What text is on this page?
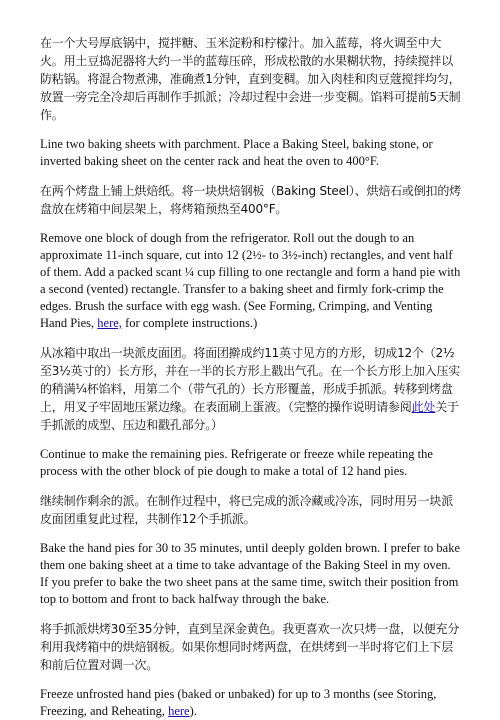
在一个大号厚底锅中，搅拌糖、玉米淀粉和柠檬汁。加入蓝莓，将火调至中大火。用土豆捣泥器将大约一半的蓝莓压碎，形成松散的水果糊状物，持续搅拌以防粘锅。将混合物煮沸，准确煮1分钟，直到变稠。加入肉桂和肉豆蔻搅拌均匀，放置一旁完全冷却后再制作手抓派；冷却过程中会进一步变稠。馅料可提前5天制作。

Line two baking sheets with parchment. Place a Baking Steel, baking stone, or inverted baking sheet on the center rack and heat the oven to 400°F.

在两个烤盘上铺上烘焙纸。将一块烘焙钢板（Baking Steel）、烘焙石或倒扣的烤盘放在烤箱中间层架上，将烤箱预热至400°F。

Remove one block of dough from the refrigerator. Roll out the dough to an approximate 11-inch square, cut into 12 (2½- to 3½-inch) rectangles, and vent half of them. Add a packed scant ¼ cup filling to one rectangle and form a hand pie with a second (vented) rectangle. Transfer to a baking sheet and firmly fork-crimp the edges. Brush the surface with egg wash. (See Forming, Crimping, and Venting Hand Pies, here, for complete instructions.)

从冰箱中取出一块派皮面团。将面团擀成约11英寸见方的方形，切成12个（2½至3½英寸的）长方形，并在一半的长方形上戳出气孔。在一个长方形上加入压实的稍满¼杯馅料，用第二个（带气孔的）长方形覆盖，形成手抓派。转移到烤盘上，用叉子牢固地压紧边缘。在表面刷上蛋液。（完整的操作说明请参阅此处关于手抓派的成型、压边和戳孔部分。）

Continue to make the remaining pies. Refrigerate or freeze while repeating the process with the other block of pie dough to make a total of 12 hand pies.

继续制作剩余的派。在制作过程中，将已完成的派冷藏或冷冻，同时用另一块派皮面团重复此过程，共制作12个手抓派。

Bake the hand pies for 30 to 35 minutes, until deeply golden brown. I prefer to bake them one baking sheet at a time to take advantage of the Baking Steel in my oven. If you prefer to bake the two sheet pans at the same time, switch their position from top to bottom and front to back halfway through the bake.

将手抓派烘烤30至35分钟，直到呈深金黄色。我更喜欢一次只烤一盘，以便充分利用我烤箱中的烘焙钢板。如果你想同时烤两盘，在烘烤到一半时将它们上下层和前后位置对调一次。

Freeze unfrosted hand pies (baked or unbaked) for up to 3 months (see Storing, Freezing, and Reheating, here).
